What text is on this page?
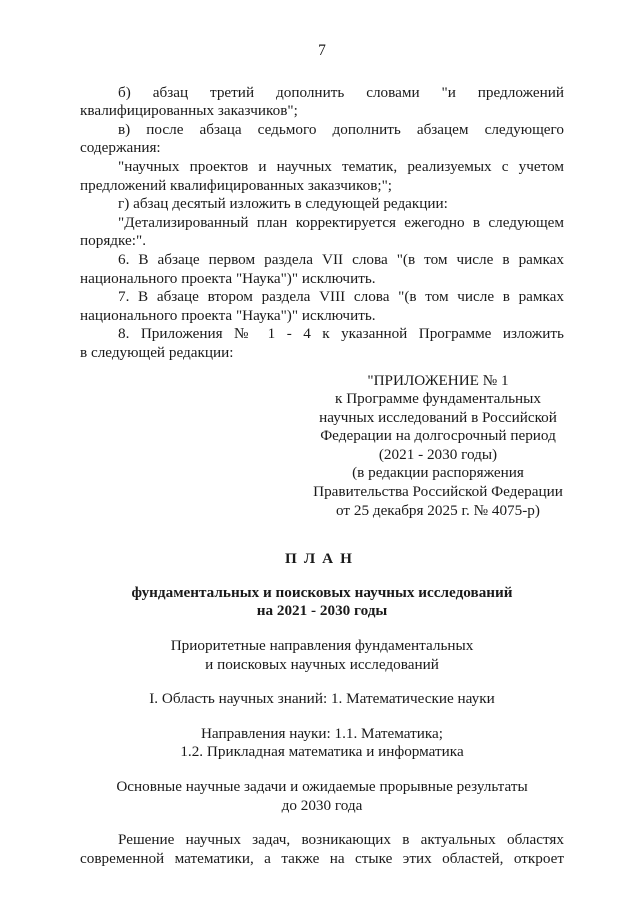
7

б) абзац третий дополнить словами "и предложений

квалифицированных заказчиков";

в) после абзаца седьмого дополнить абзацем следующего

содержания:

"научных проектов и научных тематик, реализуемых с учетом

предложений квалифицированных заказчиков;";

г) абзац десятый изложить в следующей редакции:

"Детализированный план корректируется ежегодно в следующем

порядке:".

6. В абзаце первом раздела VII слова "(в том числе в рамках

национального проекта "Наука")" исключить.

7. В абзаце втором раздела VIII слова "(в том числе в рамках

национального проекта "Наука")" исключить.

8. Приложения № 1 - 4 к указанной Программе изложить

в следующей редакции:

"ПРИЛОЖЕНИЕ № 1
к Программе фундаментальных
научных исследований в Российской
Федерации на долгосрочный период
(2021 - 2030 годы)
(в редакции распоряжения
Правительства Российской Федерации
от 25 декабря 2025 г. № 4075-р)
ПЛАН
фундаментальных и поисковых научных исследований
на 2021 - 2030 годы
Приоритетные направления фундаментальных
и поисковых научных исследований
I. Область научных знаний: 1. Математические науки
Направления науки: 1.1. Математика;
1.2. Прикладная математика и информатика
Основные научные задачи и ожидаемые прорывные результаты
до 2030 года

Решение научных задач, возникающих в актуальных областях

современной математики, а также на стыке этих областей, откроет
